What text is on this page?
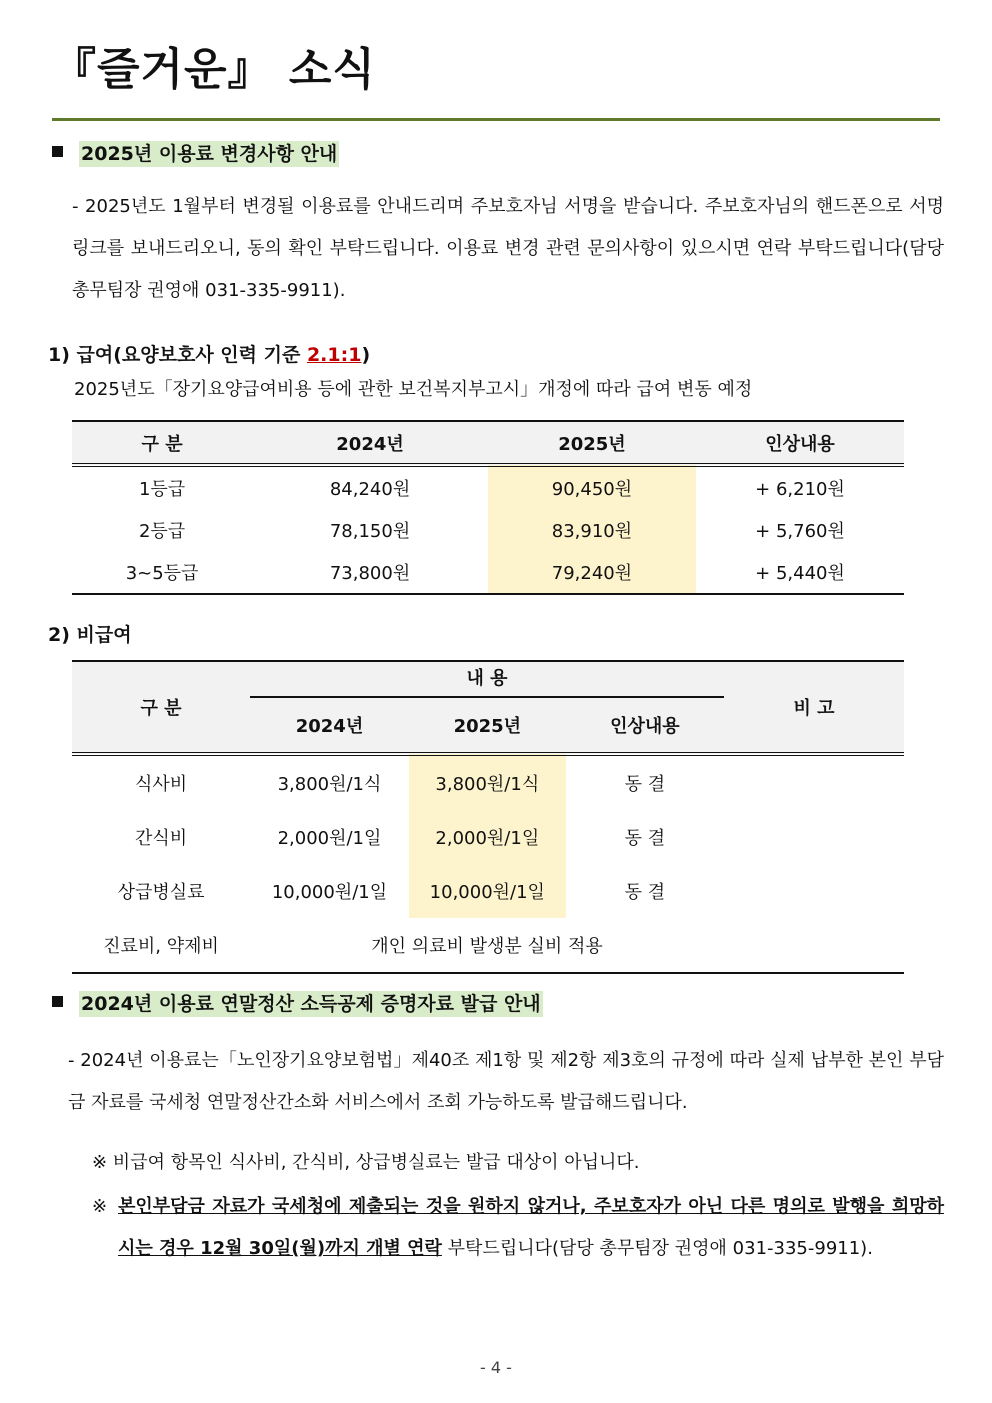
『즐거운』 소식
2025년 이용료 변경사항 안내
- 2025년도 1월부터 변경될 이용료를 안내드리며 주보호자님 서명을 받습니다. 주보호자님의 핸드폰으로 서명 링크를 보내드리오니, 동의 확인 부탁드립니다. 이용료 변경 관련 문의사항이 있으시면 연락 부탁드립니다(담당 총무팀장 권영애 031-335-9911).
1) 급여(요양보호사 인력 기준 2.1:1)
2025년도「장기요양급여비용 등에 관한 보건복지부고시」개정에 따라 급여 변동 예정
구 분	2024년	2025년	인상내용
1등급	84,240원	90,450원	+ 6,210원
2등급	78,150원	83,910원	+ 5,760원
3~5등급	73,800원	79,240원	+ 5,440원
2) 비급여
구 분	내 용			비 고
	2024년	2025년	인상내용	
식사비	3,800원/1식	3,800원/1식	동 결	
간식비	2,000원/1일	2,000원/1일	동 결	
상급병실료	10,000원/1일	10,000원/1일	동 결	
진료비, 약제비	개인 의료비 발생분 실비 적용			
2024년 이용료 연말정산 소득공제 증명자료 발급 안내
- 2024년 이용료는「노인장기요양보험법」제40조 제1항 및 제2항 제3호의 규정에 따라 실제 납부한 본인 부담금 자료를 국세청 연말정산간소화 서비스에서 조회 가능하도록 발급해드립니다.
※ 비급여 항목인 식사비, 간식비, 상급병실료는 발급 대상이 아닙니다.
※ 본인부담금 자료가 국세청에 제출되는 것을 원하지 않거나, 주보호자가 아닌 다른 명의로 발행을 희망하시는 경우 12월 30일(월)까지 개별 연락 부탁드립니다(담당 총무팀장 권영애 031-335-9911).
- 4 -
